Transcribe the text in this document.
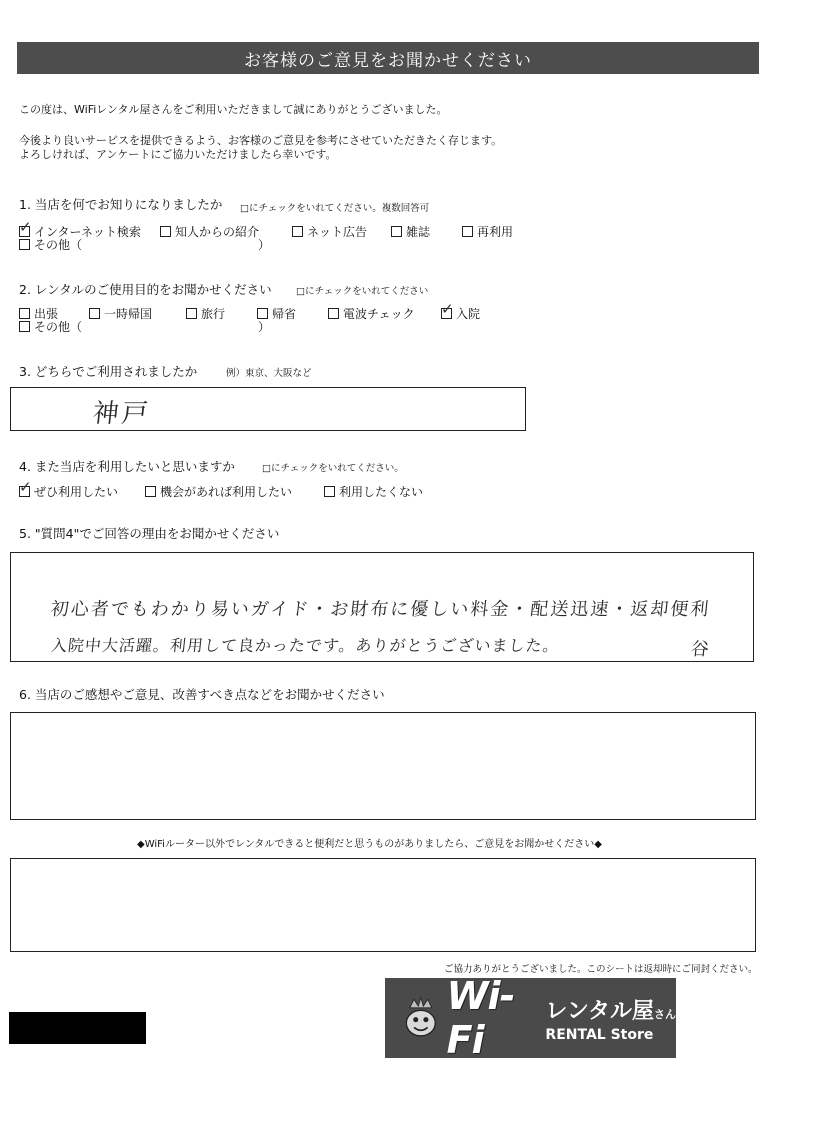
お客様のご意見をお聞かせください
この度は、WiFiレンタル屋さんをご利用いただきまして誠にありがとうございました。
今後より良いサービスを提供できるよう、お客様のご意見を参考にさせていただきたく存じます。
よろしければ、アンケートにご協力いただけましたら幸いです。
1. 当店を何でお知りになりましたか □にチェックをいれてください。複数回答可
✓ インターネット検索	知人からの紹介	ネット広告	雑誌	再利用
その他（	）
2. レンタルのご使用目的をお聞かせください	□にチェックをいれてください
出張	一時帰国	旅行	帰省	電波チェック ✓ 入院
その他（	）
3. どちらでご利用されましたか	例）東京、大阪など
神戸
4. また当店を利用したいと思いますか	□にチェックをいれてください。
✓ ぜひ利用したい	機会があれば利用したい	利用したくない
5. "質問4"でご回答の理由をお聞かせください
初心者でもわかり易いガイド・お財布に優しい料金・配送迅速・返却便利
入院中大活躍。利用して良かったです。ありがとうございました。	谷
6. 当店のご感想やご意見、改善すべき点などをお聞かせください
◆WiFiルーター以外でレンタルできると便利だと思うものがありましたら、ご意見をお聞かせください◆
ご協力ありがとうございました。このシートは返却時にご同封ください。
Wi-Fi
レンタル屋さん
RENTAL Store
